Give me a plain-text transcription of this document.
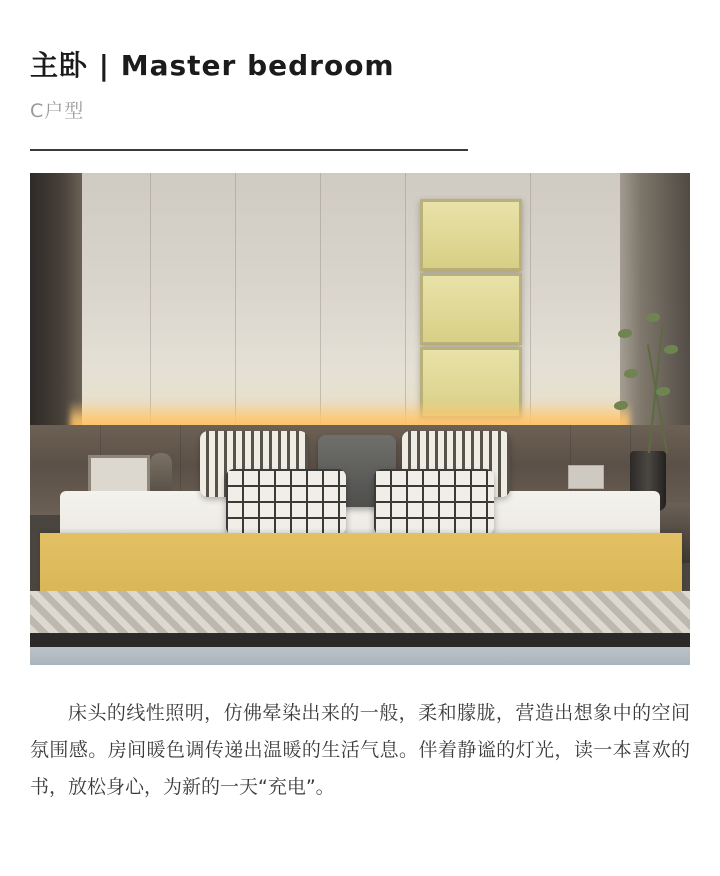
主卧 | Master bedroom
C户型

床头的线性照明，仿佛晕染出来的一般，柔和朦胧，营造出想象中的空间氛围感。房间暖色调传递出温暖的生活气息。伴着静谧的灯光，读一本喜欢的书，放松身心，为新的一天“充电”。
